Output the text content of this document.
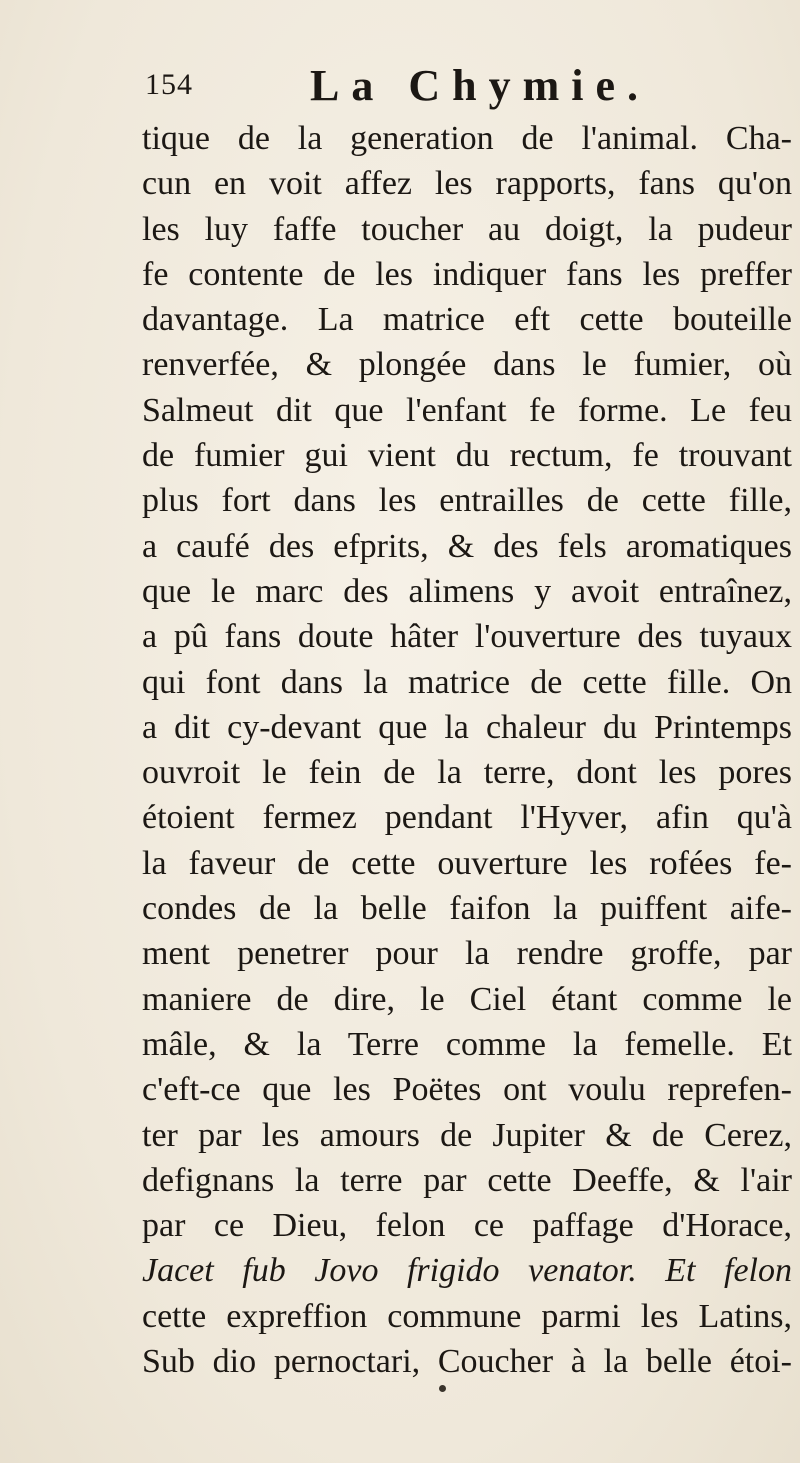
154	La Chymie.
tique de la generation de l'animal. Cha-
cun en voit affez les rapports, fans qu'on
les luy faffe toucher au doigt, la pudeur
fe contente de les indiquer fans les preffer
davantage. La matrice eft cette bouteille
renverfée, & plongée dans le fumier, où
Salmeut dit que l'enfant fe forme. Le feu
de fumier gui vient du rectum, fe trouvant
plus fort dans les entrailles de cette fille,
a caufé des efprits, & des fels aromatiques
que le marc des alimens y avoit entraînez,
a pû fans doute hâter l'ouverture des tuyaux
qui font dans la matrice de cette fille. On
a dit cy-devant que la chaleur du Printemps
ouvroit le fein de la terre, dont les pores
étoient fermez pendant l'Hyver, afin qu'à
la faveur de cette ouverture les rofées fe-
condes de la belle faifon la puiffent aife-
ment penetrer pour la rendre groffe, par
maniere de dire, le Ciel étant comme le
mâle, & la Terre comme la femelle. Et
c'eft-ce que les Poëtes ont voulu reprefen-
ter par les amours de Jupiter & de Cerez,
defignans la terre par cette Deeffe, & l'air
par ce Dieu, felon ce paffage d'Horace,
Jacet fub Jovo frigido venator. Et felon
cette expreffion commune parmi les Latins,
Sub dio pernoctari, Coucher à la belle étoi-
